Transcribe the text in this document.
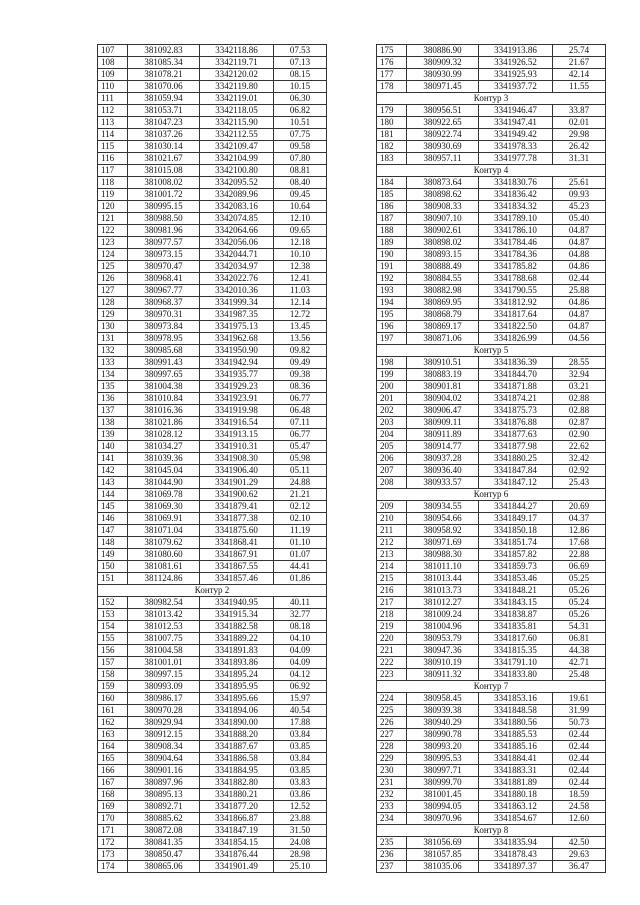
107	381092.83	3342118.86	07.53
108	381085.34	3342119.71	07.13
109	381078.21	3342120.02	08.15
110	381070.06	3342119.80	10.15
111	381059.94	3342119.01	06.30
112	381053.71	3342118.05	06.82
113	381047.23	3342115.90	10.51
114	381037.26	3342112.55	07.75
115	381030.14	3342109.47	09.58
116	381021.67	3342104.99	07.80
117	381015.08	3342100.80	08.81
118	381008.02	3342095.52	08.40
119	381001.72	3342089.96	09.45
120	380995.15	3342083.16	10.64
121	380988.50	3342074.85	12.10
122	380981.96	3342064.66	09.65
123	380977.57	3342056.06	12.18
124	380973.15	3342044.71	10.10
125	380970.47	3342034.97	12.38
126	380968.41	3342022.76	12.41
127	380967.77	3342010.36	11.03
128	380968.37	3341999.34	12.14
129	380970.31	3341987.35	12.72
130	380973.84	3341975.13	13.45
131	380978.95	3341962.68	13.56
132	380985.68	3341950.90	09.82
133	380991.43	3341942.94	09.49
134	380997.65	3341935.77	09.38
135	381004.38	3341929.23	08.36
136	381010.84	3341923.91	06.77
137	381016.36	3341919.98	06.48
138	381021.86	3341916.54	07.11
139	381028.12	3341913.15	06.77
140	381034.27	3341910.31	05.47
141	381039.36	3341908.30	05.98
142	381045.04	3341906.40	05.11
143	381044.90	3341901.29	24.88
144	381069.78	3341900.62	21.21
145	381069.30	3341879.41	02.12
146	381069.91	3341877.38	02.10
147	381071.04	3341875.60	11.19
148	381079.62	3341868.41	01.10
149	381080.60	3341867.91	01.07
150	381081.61	3341867.55	44.41
151	381124.86	3341857.46	01.86
Контур 2			
152	380982.54	3341940.95	40.11
153	381013.42	3341915.34	32.77
154	381012.53	3341882.58	08.18
155	381007.75	3341889.22	04.10
156	381004.58	3341891.83	04.09
157	381001.01	3341893.86	04.09
158	380997.15	3341895.24	04.12
159	380993.09	3341895.95	06.92
160	380986.17	3341895.66	15.97
161	380970.28	3341894.06	40.54
162	380929.94	3341890.00	17.88
163	380912.15	3341888.20	03.84
164	380908.34	3341887.67	03.85
165	380904.64	3341886.58	03.84
166	380901.16	3341884.95	03.85
167	380897.96	3341882.80	03.83
168	380895.13	3341880.21	03.86
169	380892.71	3341877.20	12.52
170	380885.62	3341866.87	23.88
171	380872.08	3341847.19	31.50
172	380841.35	3341854.15	24.08
173	380850.47	3341876.44	28.98
174	380865.06	3341901.49	25.10
175	380886.90	3341913.86	25.74
176	380909.32	3341926.52	21.67
177	380930.99	3341925.93	42.14
178	380971.45	3341937.72	11.55
Контур 3			
179	380956.51	3341946.47	33.87
180	380922.65	3341947.41	02.01
181	380922.74	3341949.42	29.98
182	380930.69	3341978.33	26.42
183	380957.11	3341977.78	31.31
Контур 4			
184	380873.64	3341830.76	25.61
185	380898.62	3341836.42	09.93
186	380908.33	3341834.32	45.23
187	380907.10	3341789.10	05.40
188	380902.61	3341786.10	04.87
189	380898.02	3341784.46	04.87
190	380893.15	3341784.36	04.88
191	380888.49	3341785.82	04.86
192	380884.55	3341788.68	02.44
193	380882.98	3341790.55	25.88
194	380869.95	3341812.92	04.86
195	380868.79	3341817.64	04.87
196	380869.17	3341822.50	04.87
197	380871.06	3341826.99	04.56
Контур 5			
198	380910.51	3341836.39	28.55
199	380883.19	3341844.70	32.94
200	380901.81	3341871.88	03.21
201	380904.02	3341874.21	02.88
202	380906.47	3341875.73	02.88
203	380909.11	3341876.88	02.87
204	380911.89	3341877.63	02.90
205	380914.77	3341877.98	22.62
206	380937.28	3341880.25	32.42
207	380936.40	3341847.84	02.92
208	380933.57	3341847.12	25.43
Контур 6			
209	380934.55	3341844.27	20.69
210	380954.66	3341849.17	04.37
211	380958.92	3341850.18	12.86
212	380971.69	3341851.74	17.68
213	380988.30	3341857.82	22.88
214	381011.10	3341859.73	06.69
215	381013.44	3341853.46	05.25
216	381013.73	3341848.21	05.26
217	381012.27	3341843.15	05.24
218	381009.24	3341838.87	05.26
219	381004.96	3341835.81	54.31
220	380953.79	3341817.60	06.81
221	380947.36	3341815.35	44.38
222	380910.19	3341791.10	42.71
223	380911.32	3341833.80	25.48
Контур 7			
224	380958.45	3341853.16	19.61
225	380939.38	3341848.58	31.99
226	380940.29	3341880.56	50.73
227	380990.78	3341885.53	02.44
228	380993.20	3341885.16	02.44
229	380995.53	3341884.41	02.44
230	380997.71	3341883.31	02.44
231	380999.70	3341881.89	02.44
232	381001.45	3341880.18	18.59
233	380994.05	3341863.12	24.58
234	380970.96	3341854.67	12.60
Контур 8			
235	381056.69	3341835.94	42.50
236	381057.85	3341878.43	29.63
237	381035.06	3341897.37	36.47
